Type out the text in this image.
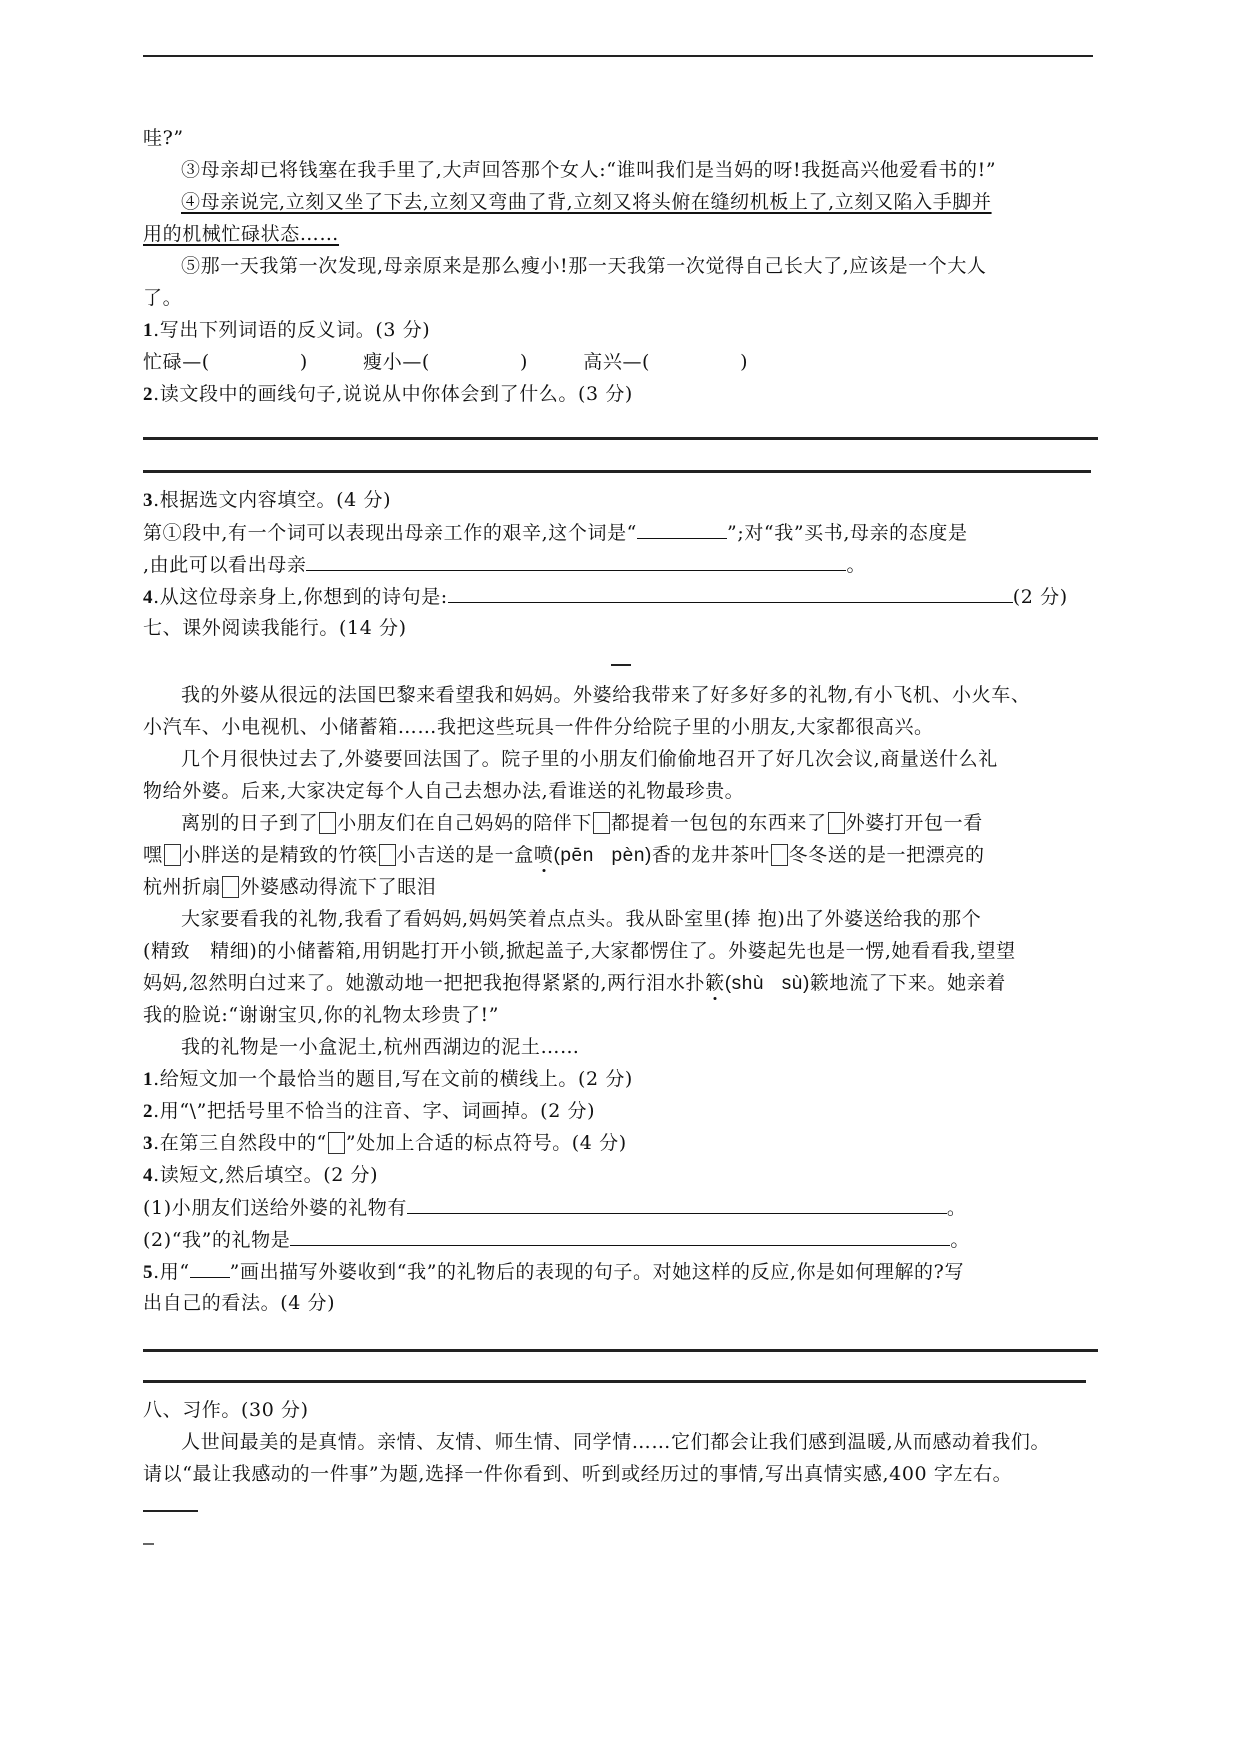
哇?”
③母亲却已将钱塞在我手里了,大声回答那个女人:“谁叫我们是当妈的呀!我挺高兴他爱看书的!”
④母亲说完,立刻又坐了下去,立刻又弯曲了背,立刻又将头俯在缝纫机板上了,立刻又陷入手脚并
用的机械忙碌状态……
⑤那一天我第一次发现,母亲原来是那么瘦小!那一天我第一次觉得自己长大了,应该是一个大人
了。
1.写出下列词语的反义词。(3 分)
忙碌—(	)	瘦小—(	)	高兴—(	)
2.读文段中的画线句子,说说从中你体会到了什么。(3 分)
3.根据选文内容填空。(4 分)
第①段中,有一个词可以表现出母亲工作的艰辛,这个词是“	”;对“我”买书,母亲的态度是
,由此可以看出母亲	。
4.从这位母亲身上,你想到的诗句是:	(2 分)
七、课外阅读我能行。(14 分)
我的外婆从很远的法国巴黎来看望我和妈妈。外婆给我带来了好多好多的礼物,有小飞机、小火车、
小汽车、小电视机、小储蓄箱……我把这些玩具一件件分给院子里的小朋友,大家都很高兴。
几个月很快过去了,外婆要回法国了。院子里的小朋友们偷偷地召开了好几次会议,商量送什么礼
物给外婆。后来,大家决定每个人自己去想办法,看谁送的礼物最珍贵。
离别的日子到了 小朋友们在自己妈妈的陪伴下 都提着一包包的东西来了 外婆打开包一看
嘿 小胖送的是精致的竹筷 小吉送的是一盒喷(pēn   pèn)香的龙井茶叶 冬冬送的是一把漂亮的
杭州折扇 外婆感动得流下了眼泪
大家要看我的礼物,我看了看妈妈,妈妈笑着点点头。我从卧室里(捧 抱)出了外婆送给我的那个
(精致   精细)的小储蓄箱,用钥匙打开小锁,掀起盖子,大家都愣住了。外婆起先也是一愣,她看看我,望望
妈妈,忽然明白过来了。她激动地一把把我抱得紧紧的,两行泪水扑簌(shù   sù)簌地流了下来。她亲着
我的脸说:“谢谢宝贝,你的礼物太珍贵了!”
我的礼物是一小盒泥土,杭州西湖边的泥土……
1.给短文加一个最恰当的题目,写在文前的横线上。(2 分)
2.用“\”把括号里不恰当的注音、字、词画掉。(2 分)
3.在第三自然段中的“ ”处加上合适的标点符号。(4 分)
4.读短文,然后填空。(2 分)
(1)小朋友们送给外婆的礼物有	。
(2)“我”的礼物是	。
5.用“ ”画出描写外婆收到“我”的礼物后的表现的句子。对她这样的反应,你是如何理解的?写
出自己的看法。(4 分)
八、习作。(30 分)
人世间最美的是真情。亲情、友情、师生情、同学情……它们都会让我们感到温暖,从而感动着我们。
请以“最让我感动的一件事”为题,选择一件你看到、听到或经历过的事情,写出真情实感,400 字左右。
